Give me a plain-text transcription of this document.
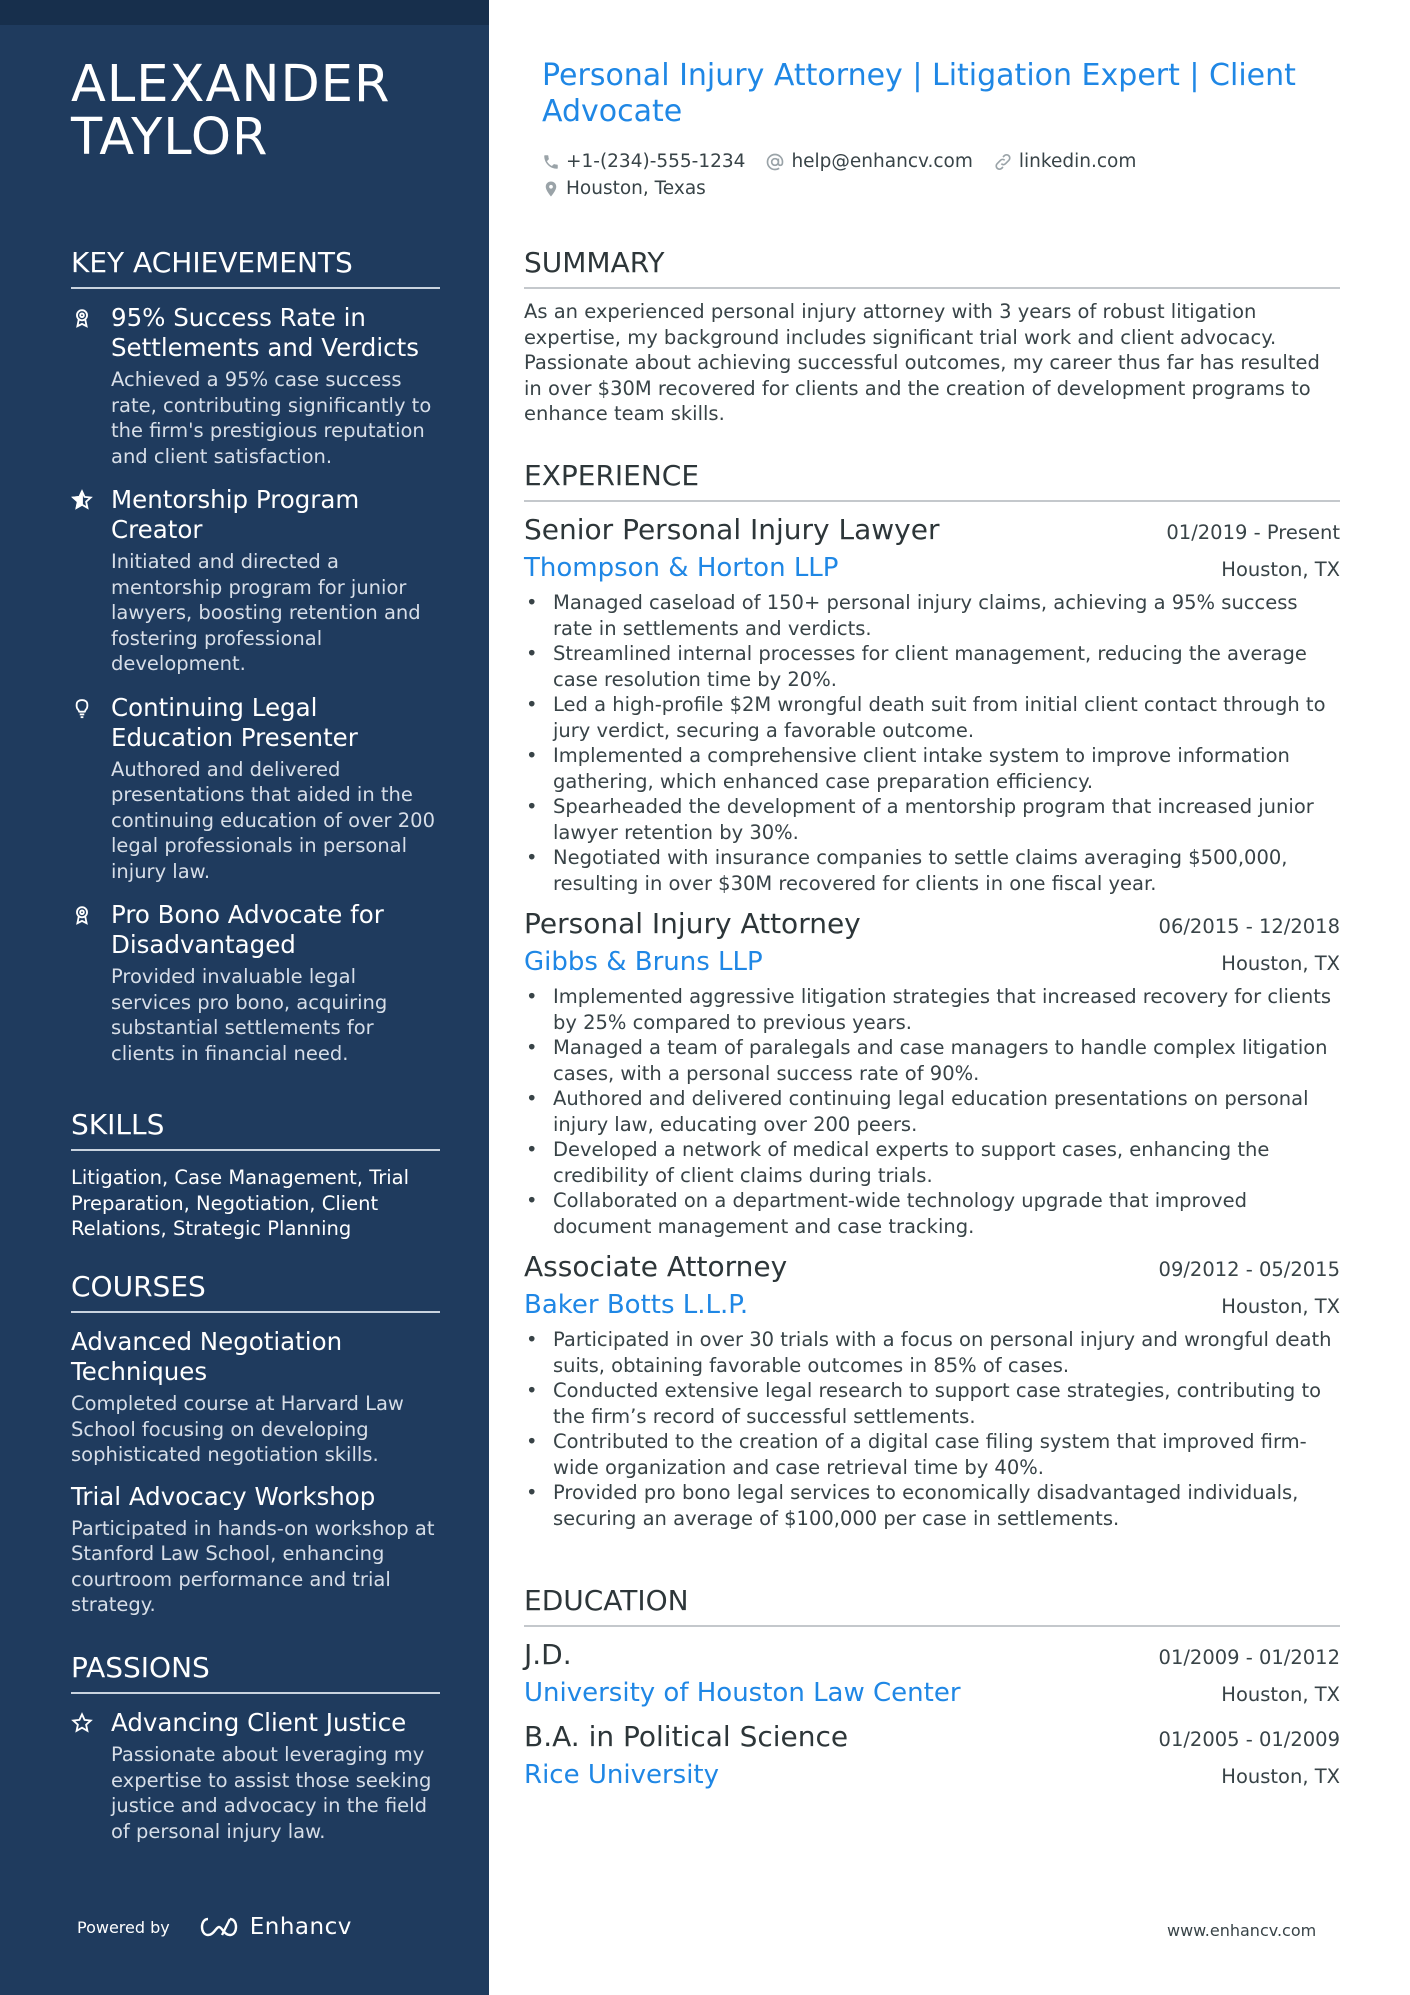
ALEXANDER
TAYLOR
KEY ACHIEVEMENTS
95% Success Rate in Settlements and Verdicts
Achieved a 95% case success rate, contributing significantly to the firm's prestigious reputation and client satisfaction.
Mentorship Program Creator
Initiated and directed a mentorship program for junior lawyers, boosting retention and fostering professional development.
Continuing Legal Education Presenter
Authored and delivered presentations that aided in the continuing education of over 200 legal professionals in personal injury law.
Pro Bono Advocate for Disadvantaged
Provided invaluable legal services pro bono, acquiring substantial settlements for clients in financial need.
SKILLS
Litigation, Case Management, Trial Preparation, Negotiation, Client Relations, Strategic Planning
COURSES
Advanced Negotiation Techniques
Completed course at Harvard Law School focusing on developing sophisticated negotiation skills.
Trial Advocacy Workshop
Participated in hands-on workshop at Stanford Law School, enhancing courtroom performance and trial strategy.
PASSIONS
Advancing Client Justice
Passionate about leveraging my expertise to assist those seeking justice and advocacy in the field of personal injury law.
Powered by	Enhancv
Personal Injury Attorney | Litigation Expert | Client Advocate
+1-(234)-555-1234 help@enhancv.com linkedin.com
Houston, Texas
SUMMARY
As an experienced personal injury attorney with 3 years of robust litigation expertise, my background includes significant trial work and client advocacy. Passionate about achieving successful outcomes, my career thus far has resulted in over $30M recovered for clients and the creation of development programs to enhance team skills.
EXPERIENCE
Senior Personal Injury Lawyer	01/2019 - Present
Thompson & Horton LLP	Houston, TX
• Managed caseload of 150+ personal injury claims, achieving a 95% success rate in settlements and verdicts.
• Streamlined internal processes for client management, reducing the average case resolution time by 20%.
• Led a high-profile $2M wrongful death suit from initial client contact through to jury verdict, securing a favorable outcome.
• Implemented a comprehensive client intake system to improve information gathering, which enhanced case preparation efficiency.
• Spearheaded the development of a mentorship program that increased junior lawyer retention by 30%.
• Negotiated with insurance companies to settle claims averaging $500,000, resulting in over $30M recovered for clients in one fiscal year.
Personal Injury Attorney	06/2015 - 12/2018
Gibbs & Bruns LLP	Houston, TX
• Implemented aggressive litigation strategies that increased recovery for clients by 25% compared to previous years.
• Managed a team of paralegals and case managers to handle complex litigation cases, with a personal success rate of 90%.
• Authored and delivered continuing legal education presentations on personal injury law, educating over 200 peers.
• Developed a network of medical experts to support cases, enhancing the credibility of client claims during trials.
• Collaborated on a department-wide technology upgrade that improved document management and case tracking.
Associate Attorney	09/2012 - 05/2015
Baker Botts L.L.P.	Houston, TX
• Participated in over 30 trials with a focus on personal injury and wrongful death suits, obtaining favorable outcomes in 85% of cases.
• Conducted extensive legal research to support case strategies, contributing to the firm’s record of successful settlements.
• Contributed to the creation of a digital case filing system that improved firm-wide organization and case retrieval time by 40%.
• Provided pro bono legal services to economically disadvantaged individuals, securing an average of $100,000 per case in settlements.
EDUCATION
J.D.	01/2009 - 01/2012
University of Houston Law Center	Houston, TX
B.A. in Political Science	01/2005 - 01/2009
Rice University	Houston, TX
www.enhancv.com
